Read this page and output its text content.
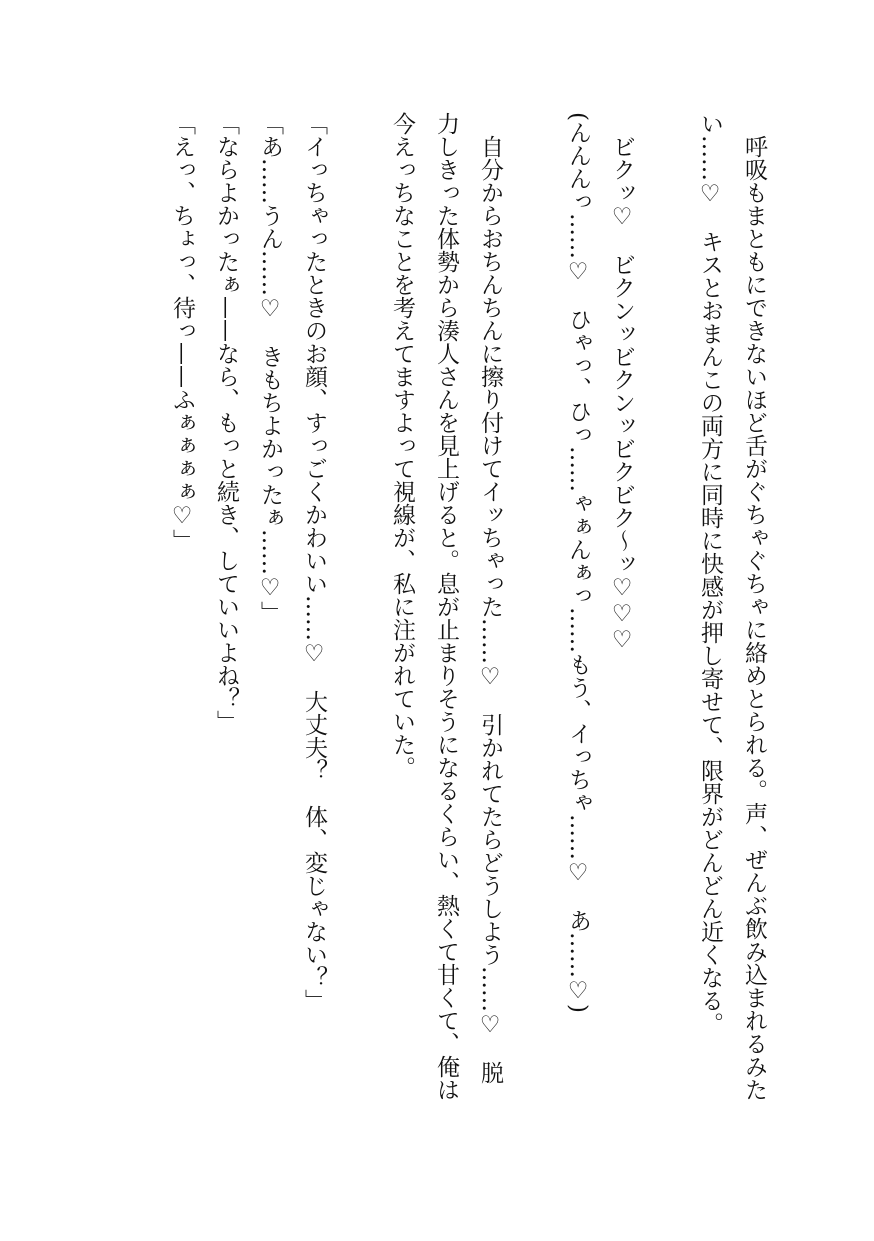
呼吸もまともにできないほど舌がぐちゃぐちゃに絡めとられる。声、ぜんぶ飲み込まれるみた
い……♡　キスとおまんこの両方に同時に快感が押し寄せて、限界がどんどん近くなる。
ビクッ♡　ビクンッビクンッビクビク〜ッ♡♡♡
(んんんっ……♡　ひゃっ、ひっ……ゃぁんぁっ……もう、イっちゃ……♡　あ……♡)
自分からおちんちんに擦り付けてイッちゃった……♡　引かれてたらどうしよう……♡　脱
力しきった体勢から湊人さんを見上げると。息が止まりそうになるくらい、熱くて甘くて、俺は
今えっちなことを考えてますよって視線が、私に注がれていた。
「イっちゃったときのお顔、すっごくかわいい……♡　大丈夫？　体、変じゃない？」
「あ……うん……♡　きもちよかったぁ……♡」
「ならよかったぁ——なら、もっと続き、していいよね？」
「えっ、ちょっ、待っ——ふぁぁぁぁ♡」
